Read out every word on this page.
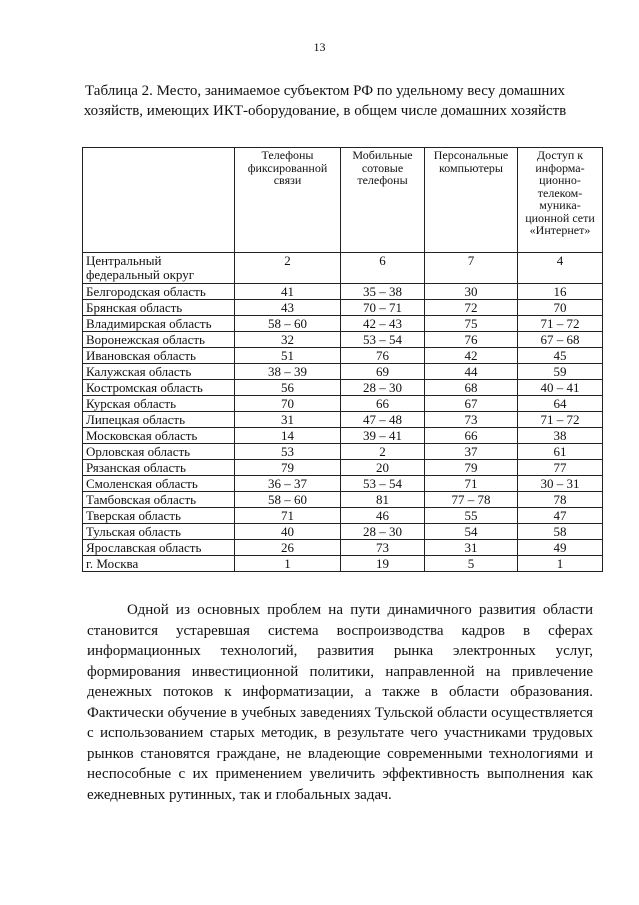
13
Таблица 2. Место, занимаемое субъектом РФ по удельному весу домашних хозяйств, имеющих ИКТ-оборудование, в общем числе домашних хозяйств
	Телефоны фиксированной связи	Мобильные сотовые телефоны	Персональные компьютеры	Доступ к информа-ционно-телеком-муника-ционной сети «Интернет»
Центральный федеральный округ	2	6	7	4
Белгородская область	41	35 – 38	30	16
Брянская область	43	70 – 71	72	70
Владимирская область	58 – 60	42 – 43	75	71 – 72
Воронежская область	32	53 – 54	76	67 – 68
Ивановская область	51	76	42	45
Калужская область	38 – 39	69	44	59
Костромская область	56	28 – 30	68	40 – 41
Курская область	70	66	67	64
Липецкая область	31	47 – 48	73	71 – 72
Московская область	14	39 – 41	66	38
Орловская область	53	2	37	61
Рязанская область	79	20	79	77
Смоленская область	36 – 37	53 – 54	71	30 – 31
Тамбовская область	58 – 60	81	77 – 78	78
Тверская область	71	46	55	47
Тульская область	40	28 – 30	54	58
Ярославская область	26	73	31	49
г. Москва	1	19	5	1
Одной из основных проблем на пути динамичного развития области становится устаревшая система воспроизводства кадров в сферах информационных технологий, развития рынка электронных услуг, формирования инвестиционной политики, направленной на привлечение денежных потоков к информатизации, а также в области образования. Фактически обучение в учебных заведениях Тульской области осуществляется с использованием старых методик, в результате чего участниками трудовых рынков становятся граждане, не владеющие современными технологиями и неспособные с их применением увеличить эффективность выполнения как ежедневных рутинных, так и глобальных задач.
